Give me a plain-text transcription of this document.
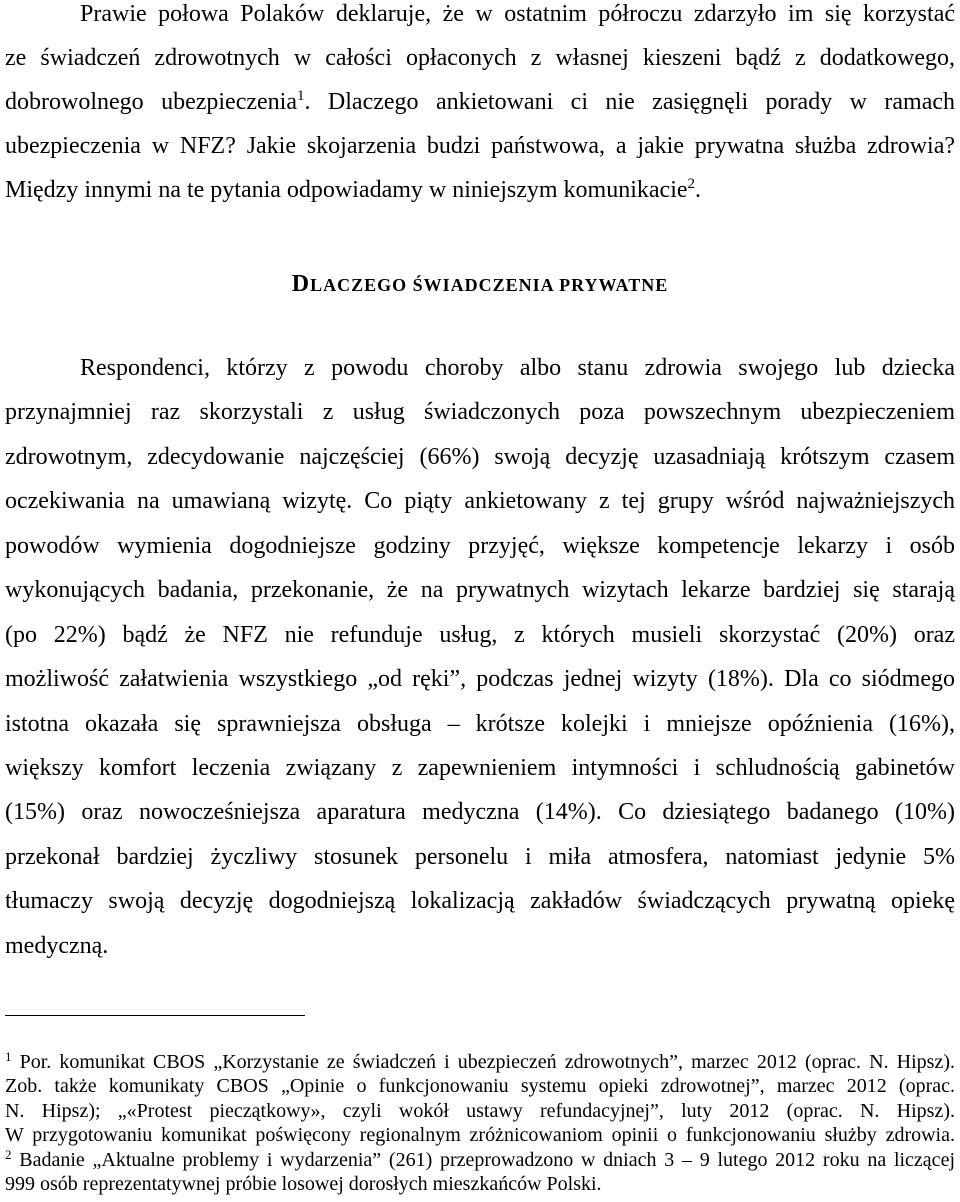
Prawie połowa Polaków deklaruje, że w ostatnim półroczu zdarzyło im się korzystać
ze świadczeń zdrowotnych w całości opłaconych z własnej kieszeni bądź z dodatkowego,
dobrowolnego ubezpieczenia$^1$. Dlaczego ankietowani ci nie zasięgnęli porady w ramach
ubezpieczenia w NFZ? Jakie skojarzenia budzi państwowa, a jakie prywatna służba zdrowia?
Między innymi na te pytania odpowiadamy w niniejszym komunikacie$^2$.
DLACZEGO ŚWIADCZENIA PRYWATNE
Respondenci, którzy z powodu choroby albo stanu zdrowia swojego lub dziecka
przynajmniej raz skorzystali z usług świadczonych poza powszechnym ubezpieczeniem
zdrowotnym, zdecydowanie najczęściej (66%) swoją decyzję uzasadniają krótszym czasem
oczekiwania na umawianą wizytę. Co piąty ankietowany z tej grupy wśród najważniejszych
powodów wymienia dogodniejsze godziny przyjęć, większe kompetencje lekarzy i osób
wykonujących badania, przekonanie, że na prywatnych wizytach lekarze bardziej się starają
(po 22%) bądź że NFZ nie refunduje usług, z których musieli skorzystać (20%) oraz
możliwość załatwienia wszystkiego „od ręki”, podczas jednej wizyty (18%). Dla co siódmego
istotna okazała się sprawniejsza obsługa – krótsze kolejki i mniejsze opóźnienia (16%),
większy komfort leczenia związany z zapewnieniem intymności i schludnością gabinetów
(15%) oraz nowocześniejsza aparatura medyczna (14%). Co dziesiątego badanego (10%)
przekonał bardziej życzliwy stosunek personelu i miła atmosfera, natomiast jedynie 5%
tłumaczy swoją decyzję dogodniejszą lokalizacją zakładów świadczących prywatną opiekę
medyczną.
$^1$ Por. komunikat CBOS „Korzystanie ze świadczeń i ubezpieczeń zdrowotnych”, marzec 2012 (oprac. N. Hipsz).
Zob. także komunikaty CBOS „Opinie o funkcjonowaniu systemu opieki zdrowotnej”, marzec 2012 (oprac.
N. Hipsz); „«Protest pieczątkowy», czyli wokół ustawy refundacyjnej”, luty 2012 (oprac. N. Hipsz).
W przygotowaniu komunikat poświęcony regionalnym zróżnicowaniom opinii o funkcjonowaniu służby zdrowia.
$^2$ Badanie „Aktualne problemy i wydarzenia” (261) przeprowadzono w dniach 3 – 9 lutego 2012 roku na liczącej
999 osób reprezentatywnej próbie losowej dorosłych mieszkańców Polski.
